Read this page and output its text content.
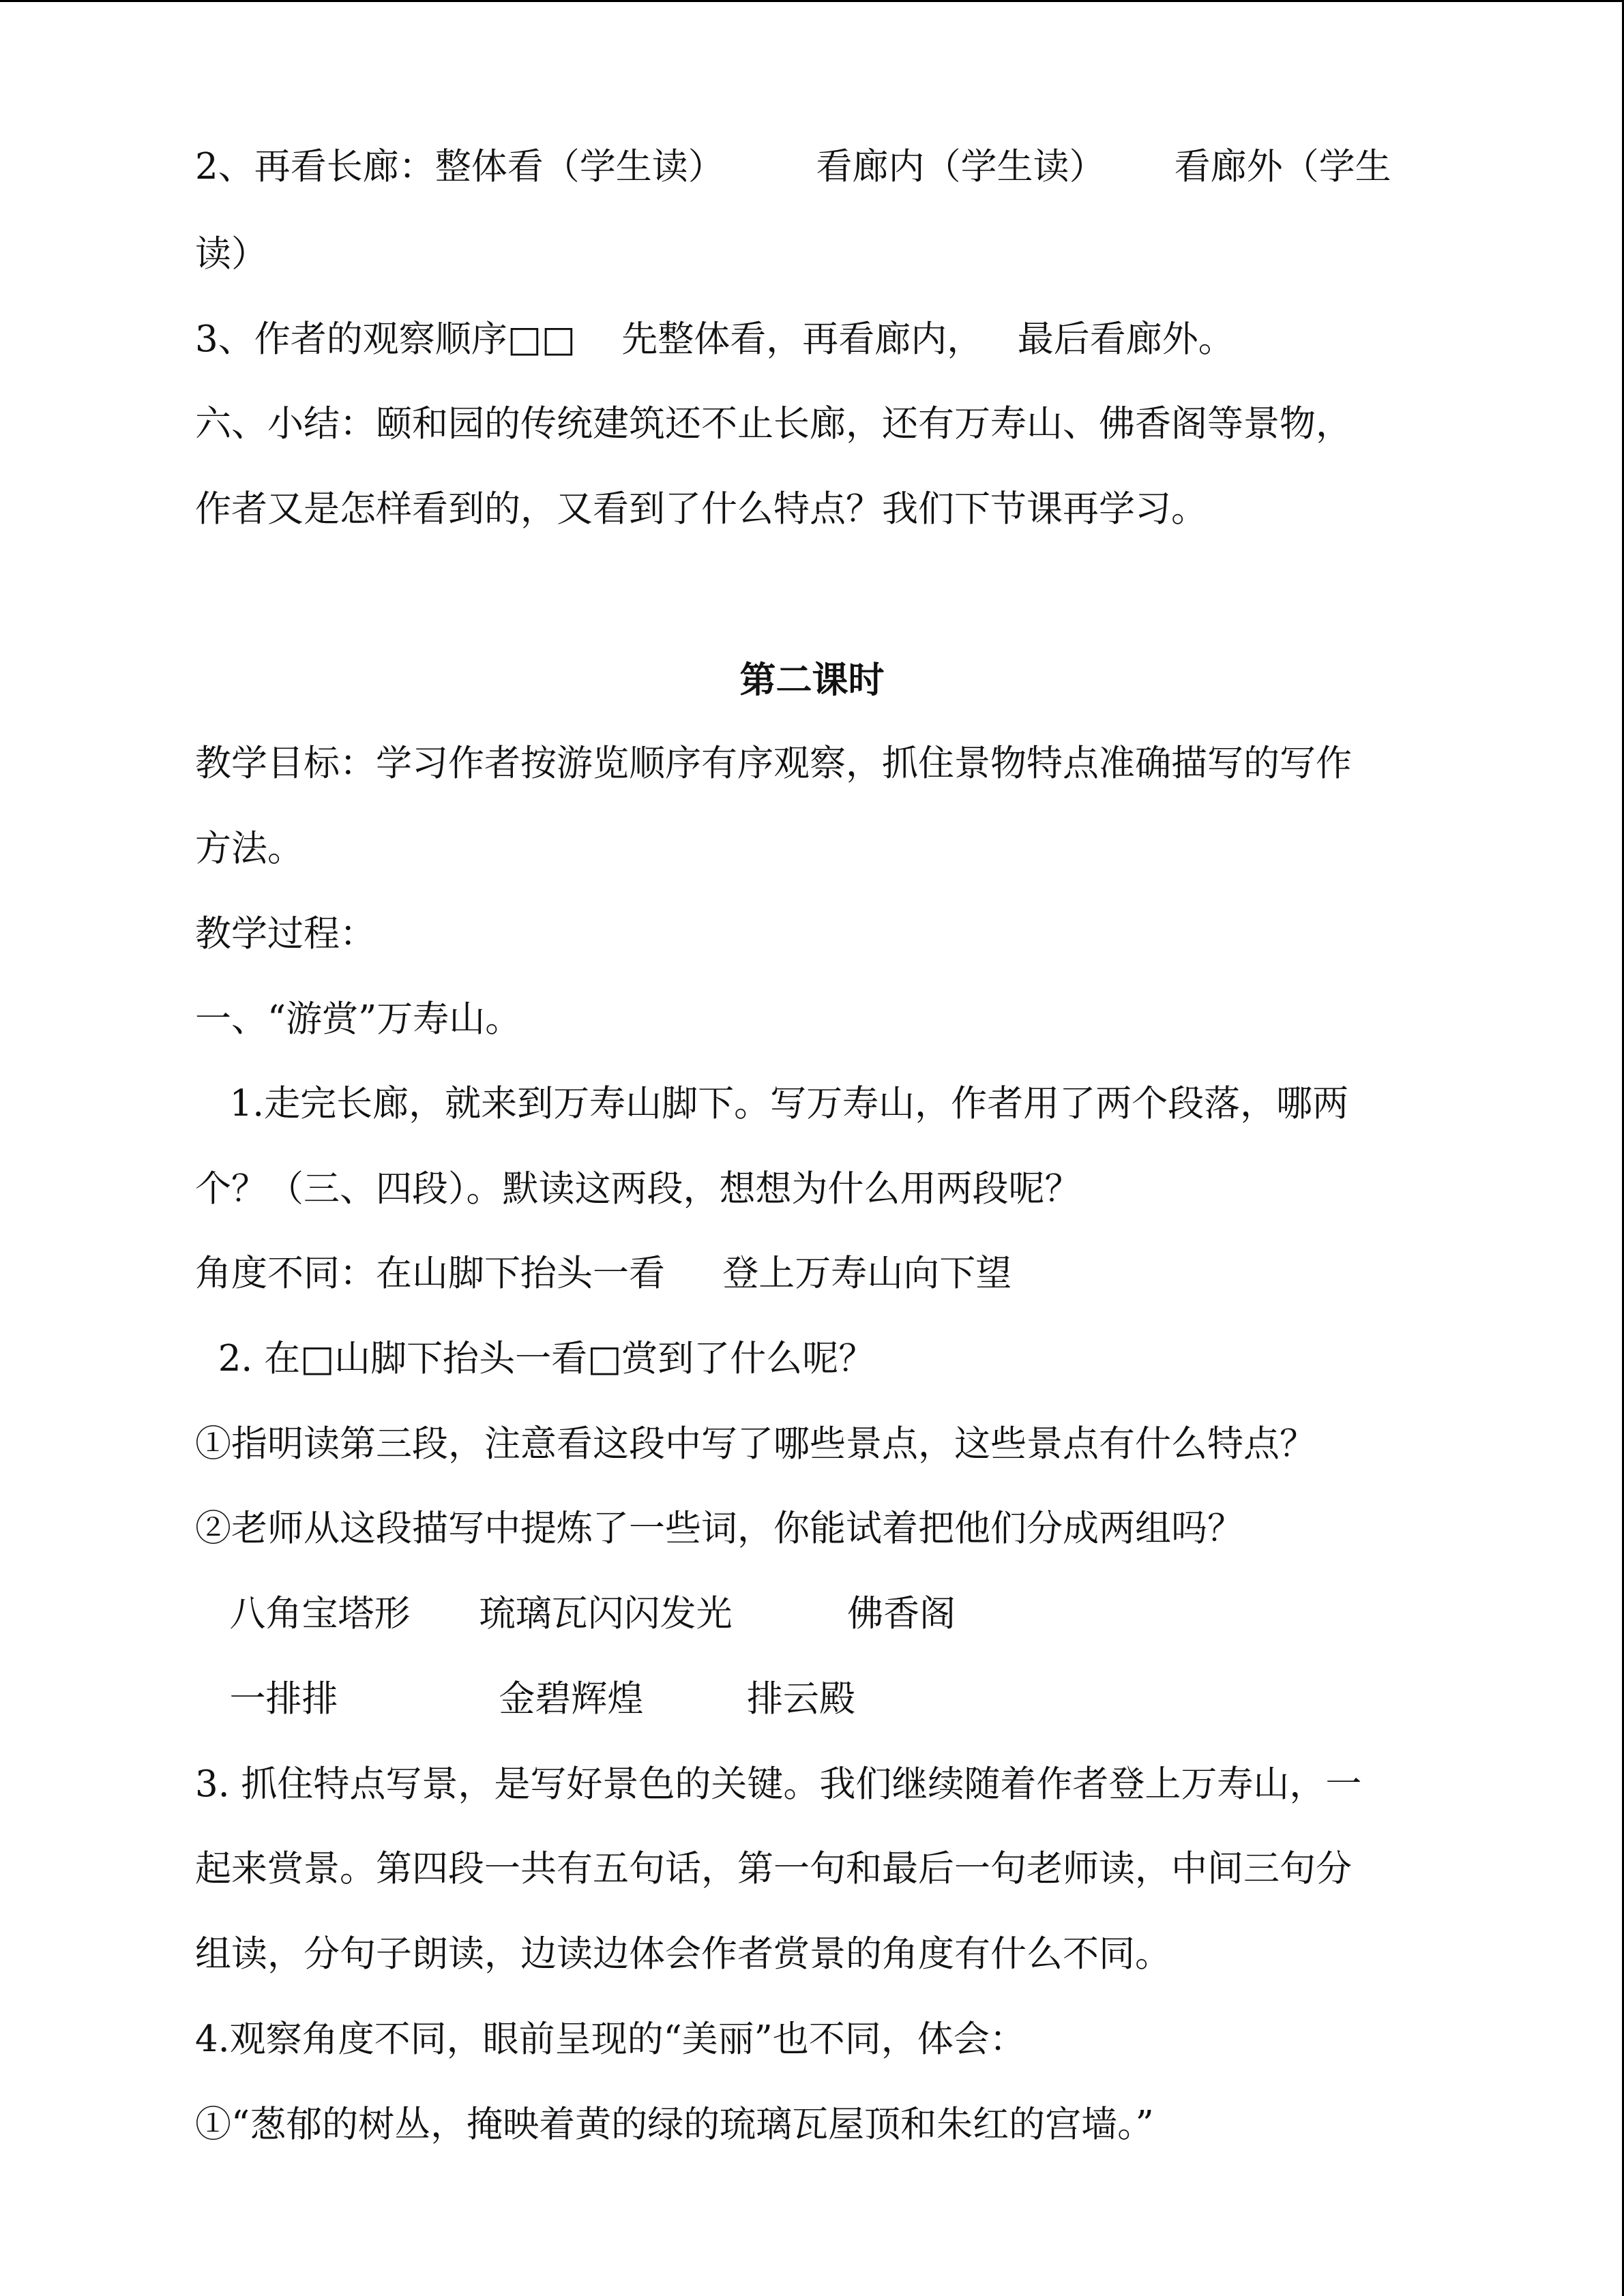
2、再看长廊：整体看（学生读）        看廊内（学生读）      看廊外（学生
读）
3、作者的观察顺序□□    先整体看，再看廊内，   最后看廊外。
六、小结：颐和园的传统建筑还不止长廊，还有万寿山、佛香阁等景物，
作者又是怎样看到的，又看到了什么特点？我们下节课再学习。
第二课时
教学目标：学习作者按游览顺序有序观察，抓住景物特点准确描写的写作
方法。
教学过程：
一、“游赏”万寿山。
1.走完长廊，就来到万寿山脚下。写万寿山，作者用了两个段落，哪两
个？（三、四段）。默读这两段，想想为什么用两段呢？
角度不同：在山脚下抬头一看     登上万寿山向下望
2. 在□山脚下抬头一看□赏到了什么呢？
①指明读第三段，注意看这段中写了哪些景点，这些景点有什么特点？
②老师从这段描写中提炼了一些词，你能试着把他们分成两组吗？
八角宝塔形      琉璃瓦闪闪发光          佛香阁
一排排              金碧辉煌         排云殿
3. 抓住特点写景，是写好景色的关键。我们继续随着作者登上万寿山，一
起来赏景。第四段一共有五句话，第一句和最后一句老师读，中间三句分
组读，分句子朗读，边读边体会作者赏景的角度有什么不同。
4.观察角度不同，眼前呈现的“美丽”也不同，体会：
①“葱郁的树丛，掩映着黄的绿的琉璃瓦屋顶和朱红的宫墙。”
